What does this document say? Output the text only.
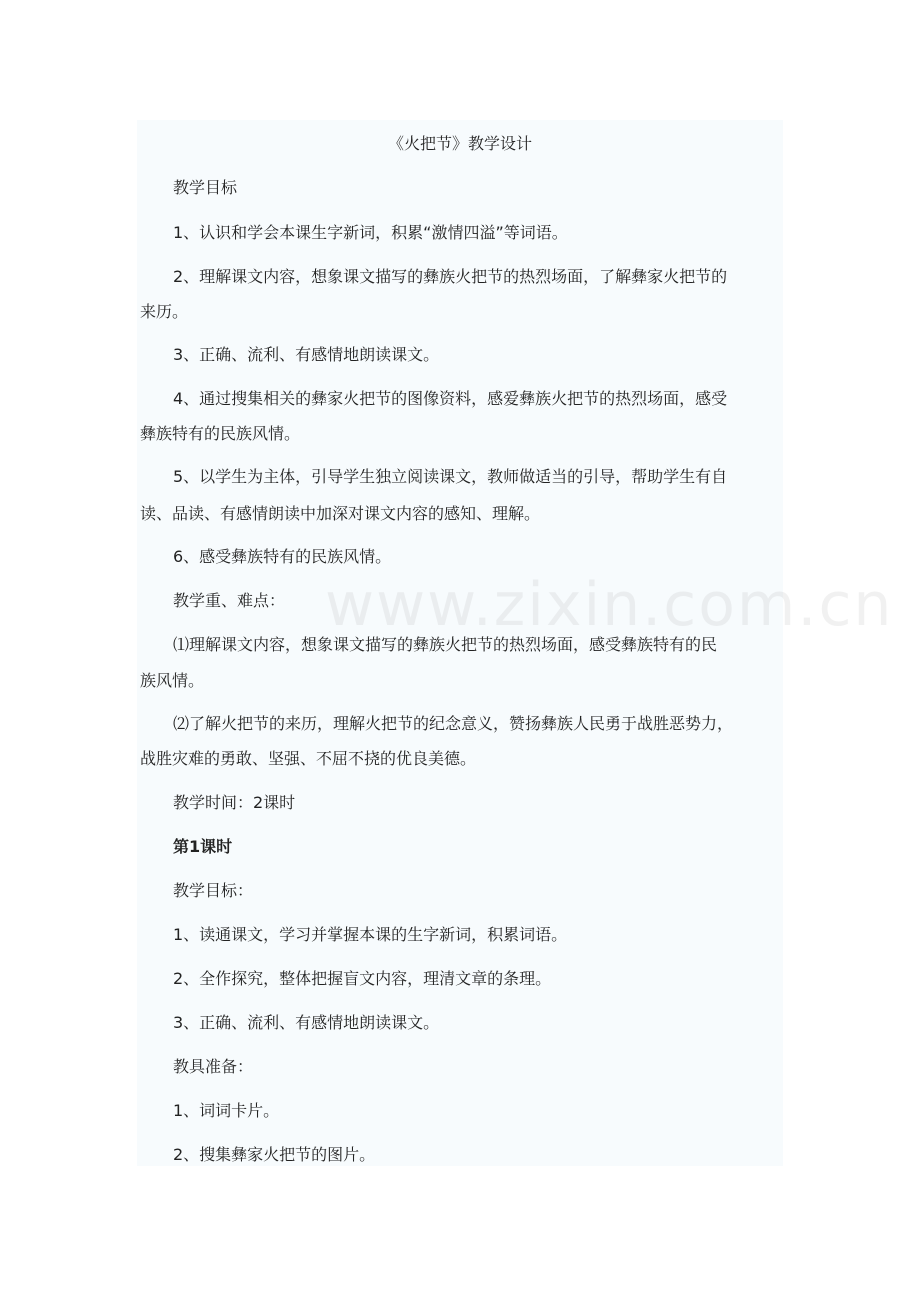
《火把节》教学设计
教学目标
1、认识和学会本课生字新词，积累“激情四溢”等词语。
2、理解课文内容，想象课文描写的彝族火把节的热烈场面，了解彝家火把节的
来历。
3、正确、流利、有感情地朗读课文。
4、通过搜集相关的彝家火把节的图像资料，感爱彝族火把节的热烈场面，感受
彝族特有的民族风情。
5、以学生为主体，引导学生独立阅读课文，教师做适当的引导，帮助学生有自
读、品读、有感情朗读中加深对课文内容的感知、理解。
6、感受彝族特有的民族风情。
教学重、难点：
⑴理解课文内容，想象课文描写的彝族火把节的热烈场面，感受彝族特有的民
族风情。
⑵了解火把节的来历，理解火把节的纪念意义，赞扬彝族人民勇于战胜恶势力，
战胜灾难的勇敢、坚强、不屈不挠的优良美德。
教学时间：2课时
第1课时
教学目标：
1、读通课文，学习并掌握本课的生字新词，积累词语。
2、全作探究，整体把握盲文内容，理清文章的条理。
3、正确、流利、有感情地朗读课文。
教具准备：
1、词词卡片。
2、搜集彝家火把节的图片。
